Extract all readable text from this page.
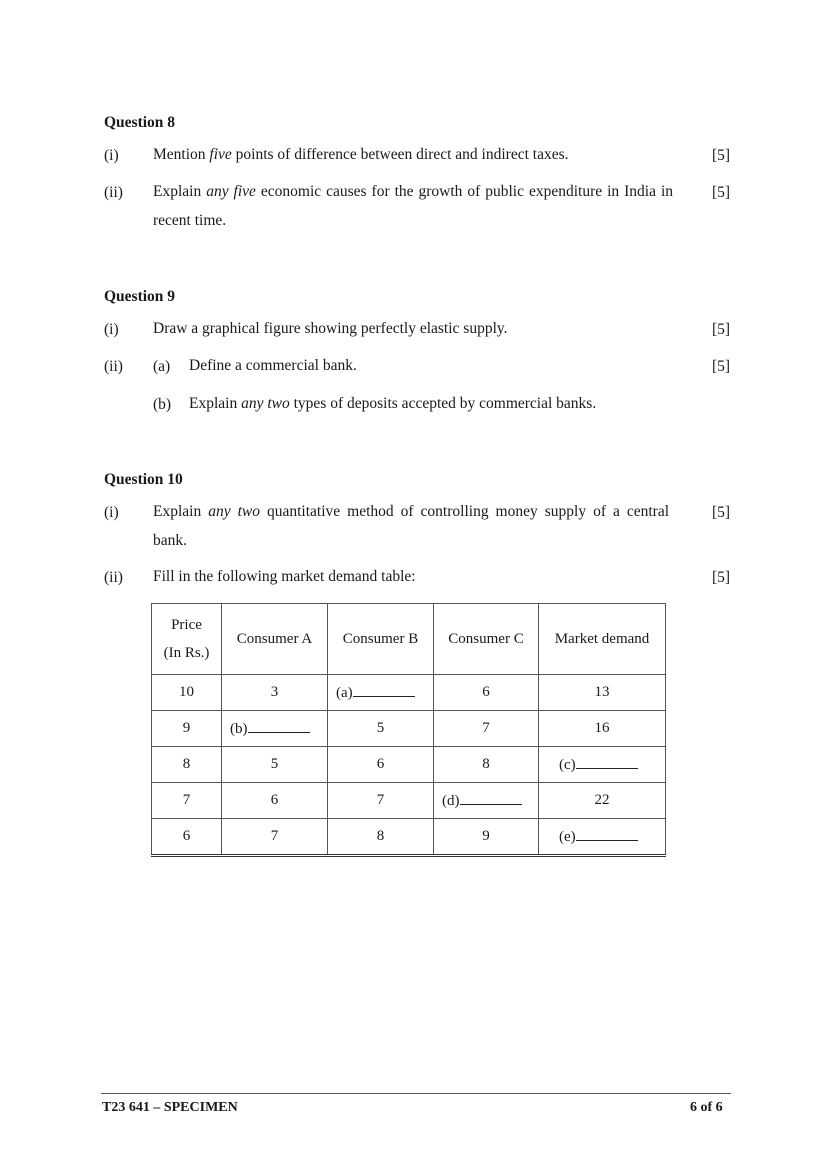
Question 8
(i) Mention five points of difference between direct and indirect taxes.	[5]
(ii) Explain any five economic causes for the growth of public expenditure in India in recent time.
[5]
Question 9
(i) Draw a graphical figure showing perfectly elastic supply.	[5]
(ii) (a) Define a commercial bank.	[5]
(b) Explain any two types of deposits accepted by commercial banks.
Question 10
(i) Explain any two quantitative method of controlling money supply of a central bank.
[5]
(ii) Fill in the following market demand table:	[5]
Price
(In Rs.)	Consumer A	Consumer B	Consumer C	Market demand
10	3	(a)	6	13
9	(b)	5	7	16
8	5	6	8	(c)
7	6	7	(d)	22
6	7	8	9	(e)
T23 641 – SPECIMEN	6 of 6
